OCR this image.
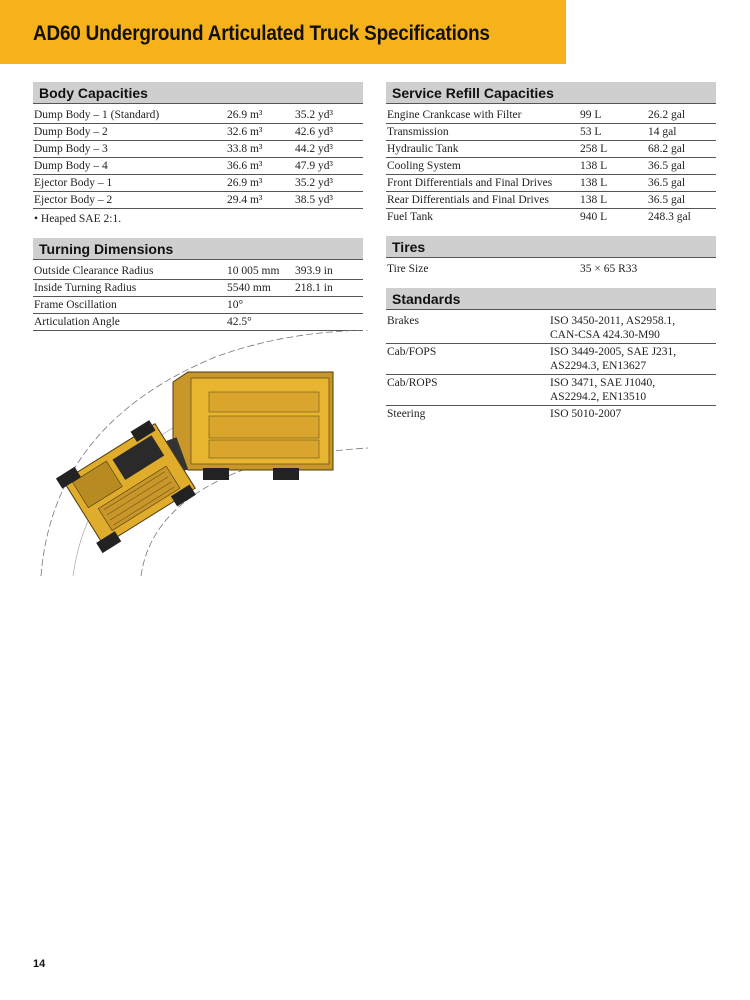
AD60 Underground Articulated Truck Specifications
Body Capacities
Dump Body – 1 (Standard)	26.9 m³	35.2 yd³
Dump Body – 2	32.6 m³	42.6 yd³
Dump Body – 3	33.8 m³	44.2 yd³
Dump Body – 4	36.6 m³	47.9 yd³
Ejector Body – 1	26.9 m³	35.2 yd³
Ejector Body – 2	29.4 m³	38.5 yd³
• Heaped SAE 2:1.
Turning Dimensions
Outside Clearance Radius	10 005 mm 393.9 in
Inside Turning Radius	5540 mm 218.1 in
Frame Oscillation	10°
Articulation Angle	42.5°
Service Refill Capacities
Engine Crankcase with Filter	99 L	26.2 gal
Transmission	53 L	14 gal
Hydraulic Tank	258 L	68.2 gal
Cooling System	138 L	36.5 gal
Front Differentials and Final Drives 138 L	36.5 gal
Rear Differentials and Final Drives	138 L	36.5 gal
Fuel Tank	940 L	248.3 gal
Tires
Tire Size	35 × 65 R33
Standards
Brakes	ISO 3450-2011, AS2958.1,
CAN-CSA 424.30-M90
Cab/FOPS	ISO 3449-2005, SAE J231,
AS2294.3, EN13627
Cab/ROPS	ISO 3471, SAE J1040,
AS2294.2, EN13510
Steering	ISO 5010-2007
14
